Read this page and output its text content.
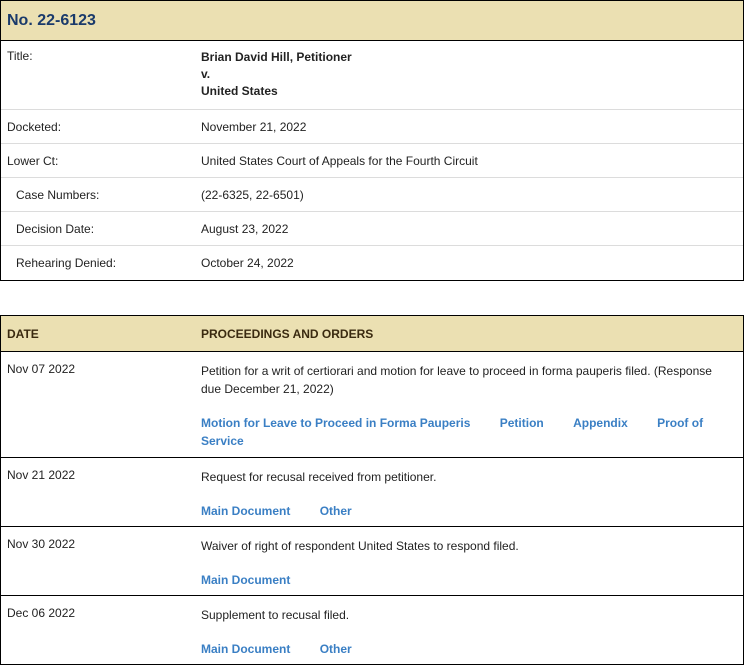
No. 22-6123
Title:	Brian David Hill, Petitioner
v.
United States
Docketed:	November 21, 2022
Lower Ct:	United States Court of Appeals for the Fourth Circuit
Case Numbers:	(22-6325, 22-6501)
Decision Date:	August 23, 2022
Rehearing Denied:	October 24, 2022
DATE	PROCEEDINGS AND ORDERS
Nov 07 2022	Petition for a writ of certiorari and motion for leave to proceed in forma pauperis filed. (Response due December 21, 2022)
Motion for Leave to Proceed in Forma Pauperis Petition Appendix Proof of Service
Nov 21 2022	Request for recusal received from petitioner.
Main Document Other
Nov 30 2022	Waiver of right of respondent United States to respond filed.
Main Document
Dec 06 2022	Supplement to recusal filed.
Main Document Other
